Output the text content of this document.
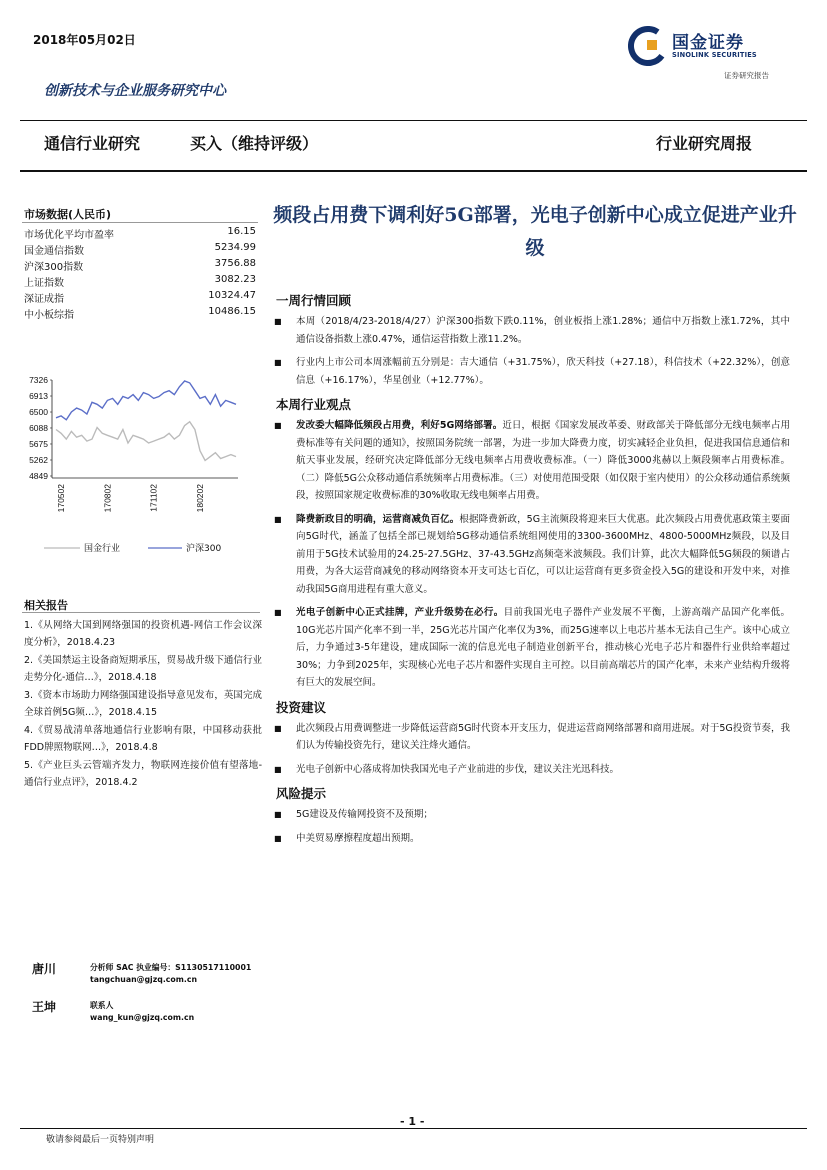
2018年05月02日	国金证券
SINOLINK SECURITIES
证券研究报告
创新技术与企业服务研究中心
通信行业研究	买入（维持评级）	行业研究周报
市场数据(人民币)
市场优化平均市盈率	16.15
国金通信指数	5234.99
沪深300指数	3756.88
上证指数	3082.23
深证成指	10324.47
中小板综指	10486.15
7326
6913
6500
6088
5675
5262
4849
170502	170802	171102	180202
国金行业	沪深300
相关报告
1.《从网络大国到网络强国的投资机遇-网信工作会议深度分析》，2018.4.23
2.《美国禁运主设备商短期承压，贸易战升级下通信行业走势分化-通信…》，2018.4.18
3.《资本市场助力网络强国建设指导意见发布，英国完成全球首例5G频…》，2018.4.15
4.《贸易战清单落地通信行业影响有限，中国移动获批FDD牌照物联网…》，2018.4.8
5.《产业巨头云管端齐发力，物联网连接价值有望落地-通信行业点评》，2018.4.2
频段占用费下调利好5G部署，光电子创新中心成立促进产业升级
一周行情回顾
■ 本周（2018/4/23-2018/4/27）沪深300指数下跌0.11%，创业板指上涨1.28%；通信中万指数上涨1.72%，其中通信设备指数上涨0.47%，通信运营指数上涨11.2%。
■ 行业内上市公司本周涨幅前五分别是：吉大通信（+31.75%），欣天科技（+27.18），科信技术（+22.32%），创意信息（+16.17%），华星创业（+12.77%）。
本周行业观点
■ 发改委大幅降低频段占用费，利好5G网络部署。近日，根据《国家发展改革委、财政部关于降低部分无线电频率占用费标准等有关问题的通知》，按照国务院统一部署，为进一步加大降费力度，切实减轻企业负担，促进我国信息通信和航天事业发展，经研究决定降低部分无线电频率占用费收费标准。（一）降低3000兆赫以上频段频率占用费标准。（二）降低5G公众移动通信系统频率占用费标准。（三）对使用范围受限（如仅限于室内使用）的公众移动通信系统频段，按照国家规定收费标准的30%收取无线电频率占用费。
■ 降费新政目的明确，运营商减负百亿。根据降费新政，5G主流频段将迎来巨大优惠。此次频段占用费优惠政策主要面向5G时代，涵盖了包括全部已规划给5G移动通信系统组网使用的3300-3600MHz、4800-5000MHz频段，以及目前用于5G技术试验用的24.25-27.5GHz、37-43.5GHz高频毫米波频段。我们计算，此次大幅降低5G频段的频谱占用费，为各大运营商减免的移动网络资本开支可达七百亿，可以让运营商有更多资金投入5G的建设和开发中来，对推动我国5G商用进程有重大意义。
■ 光电子创新中心正式挂牌，产业升级势在必行。目前我国光电子器件产业发展不平衡，上游高端产品国产化率低。10G光芯片国产化率不到一半，25G光芯片国产化率仅为3%，而25G速率以上电芯片基本无法自己生产。该中心成立后，力争通过3-5年建设，建成国际一流的信息光电子制造业创新平台，推动核心光电子芯片和器件行业供给率超过30%；力争到2025年，实现核心光电子芯片和器件实现自主可控。以目前高端芯片的国产化率，未来产业结构升级将有巨大的发展空间。
投资建议
■ 此次频段占用费调整进一步降低运营商5G时代资本开支压力，促进运营商网络部署和商用进展。对于5G投资节奏，我们认为传输投资先行，建议关注烽火通信。
■ 光电子创新中心落成将加快我国光电子产业前进的步伐，建议关注光迅科技。
风险提示
■ 5G建设及传输网投资不及预期；
■ 中美贸易摩擦程度超出预期。
唐川	分析师 SAC 执业编号：S1130517110001
tangchuan@gjzq.com.cn
王坤	联系人
wang_kun@gjzq.com.cn
- 1 -
敬请参阅最后一页特别声明
